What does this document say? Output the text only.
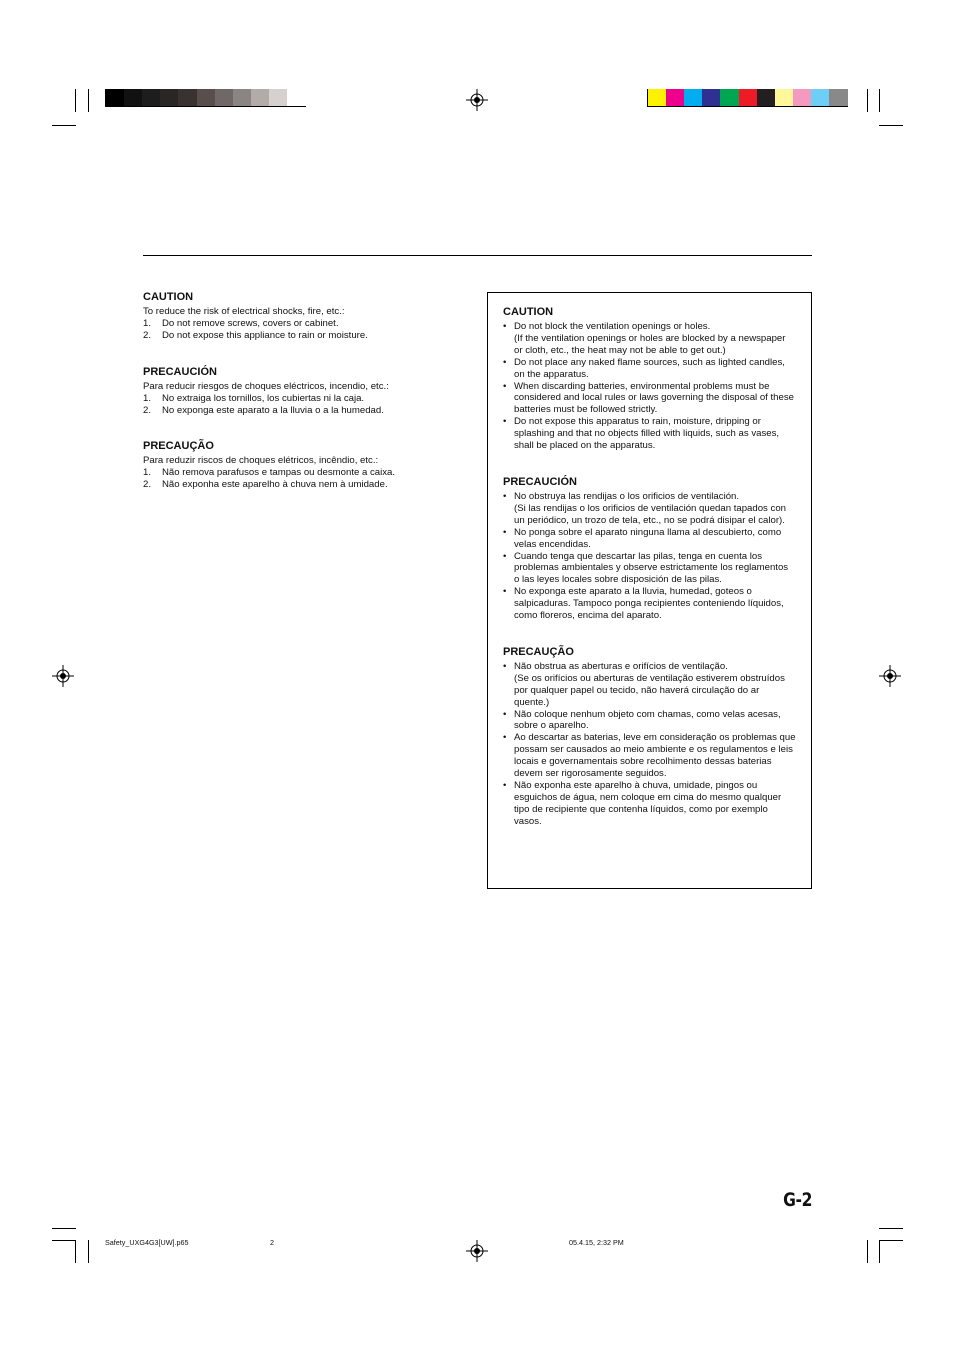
CAUTION

To reduce the risk of electrical shocks, fire, etc.:

1. Do not remove screws, covers or cabinet.
2. Do not expose this appliance to rain or moisture.

PRECAUCIÓN

Para reducir riesgos de choques eléctricos, incendio, etc.:

1. No extraiga los tornillos, los cubiertas ni la caja.
2. No exponga este aparato a la lluvia o a la humedad.

PRECAUÇÃO

Para reduzir riscos de choques elétricos, incêndio, etc.:

1. Não remova parafusos e tampas ou desmonte a caixa.
2. Não exponha este aparelho à chuva nem à umidade.

CAUTION

• Do not block the ventilation openings or holes.
(If the ventilation openings or holes are blocked by a newspaper or cloth, etc., the heat may not be able to get out.)
• Do not place any naked flame sources, such as lighted candles, on the apparatus.
• When discarding batteries, environmental problems must be considered and local rules or laws governing the disposal of these batteries must be followed strictly.
• Do not expose this apparatus to rain, moisture, dripping or splashing and that no objects filled with liquids, such as vases, shall be placed on the apparatus.

PRECAUCIÓN

• No obstruya las rendijas o los orificios de ventilación.
(Si las rendijas o los orificios de ventilación quedan tapados con un periódico, un trozo de tela, etc., no se podrá disipar el calor).
• No ponga sobre el aparato ninguna llama al descubierto, como velas encendidas.
• Cuando tenga que descartar las pilas, tenga en cuenta los problemas ambientales y observe estrictamente los reglamentos o las leyes locales sobre disposición de las pilas.
• No exponga este aparato a la lluvia, humedad, goteos o salpicaduras. Tampoco ponga recipientes conteniendo líquidos, como floreros, encima del aparato.

PRECAUÇÃO

• Não obstrua as aberturas e orifícios de ventilação.
(Se os orifícios ou aberturas de ventilação estiverem obstruídos por qualquer papel ou tecido, não haverá circulação do ar quente.)
• Não coloque nenhum objeto com chamas, como velas acesas, sobre o aparelho.
• Ao descartar as baterias, leve em consideração os problemas que possam ser causados ao meio ambiente e os regulamentos e leis locais e governamentais sobre recolhimento dessas baterias devem ser rigorosamente seguidos.
• Não exponha este aparelho à chuva, umidade, pingos ou esguichos de água, nem coloque em cima do mesmo qualquer tipo de recipiente que contenha líquidos, como por exemplo vasos.
G-2
Safety_UXG4G3[UW].p65	2	05.4.15, 2:32 PM
